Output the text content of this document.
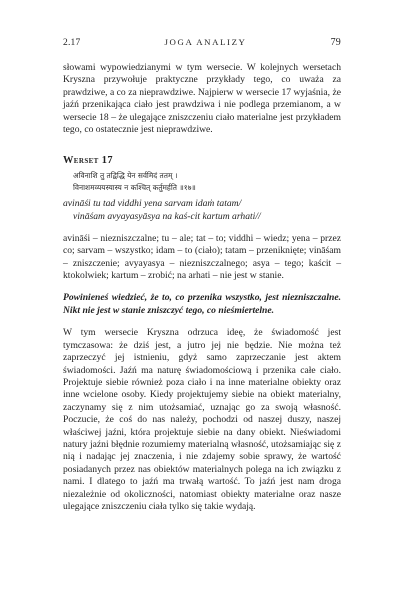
2.17	JOGA ANALIZY	79

słowami wypowiedzianymi w tym wersecie. W kolejnych wersetach Kryszna przywołuje praktyczne przykłady tego, co uważa za prawdziwe, a co za nieprawdziwe. Najpierw w wersecie 17 wyjaśnia, że jaźń przenikająca ciało jest prawdziwa i nie podlega przemianom, a w wersecie 18 – że ulegające zniszczeniu ciało materialne jest przykładem tego, co ostatecznie jest nieprawdziwe.

Werset 17
अविनाशि तु तद्विद्धि येन सर्वमिदं ततम् ।
विनाशमव्ययस्यास्य न कश्चित् कर्तुमर्हति ॥१७॥
avināśi tu tad viddhi yena sarvam idaṁ tatam/
vināśam avyayasyāsya na kaś-cit kartum arhati//

avināśi – niezniszczalne; tu – ale; tat – to; viddhi – wiedz; yena – przez co; sarvam – wszystko; idam – to (ciało); tatam – przeniknięte; vināśam – zniszczenie; avyayasya – niezniszczalnego; asya – tego; kaścit – ktokolwiek; kartum – zrobić; na arhati – nie jest w stanie.

Powinieneś wiedzieć, że to, co przenika wszystko, jest niezniszczalne. Nikt nie jest w stanie zniszczyć tego, co nieśmiertelne.

W tym wersecie Kryszna odrzuca ideę, że świadomość jest tymczasowa: że dziś jest, a jutro jej nie będzie. Nie można też zaprzeczyć jej istnieniu, gdyż samo zaprzeczanie jest aktem świadomości. Jaźń ma naturę świadomościową i przenika całe ciało. Projektuje siebie również poza ciało i na inne materialne obiekty oraz inne wcielone osoby. Kiedy projektujemy siebie na obiekt materialny, zaczynamy się z nim utożsamiać, uznając go za swoją własność. Poczucie, że coś do nas należy, pochodzi od naszej duszy, naszej właściwej jaźni, która projektuje siebie na dany obiekt. Nieświadomi natury jaźni błędnie rozumiemy materialną własność, utożsamiając się z nią i nadając jej znaczenia, i nie zdajemy sobie sprawy, że wartość posiadanych przez nas obiektów materialnych polega na ich związku z nami. I dlatego to jaźń ma trwałą wartość. To jaźń jest nam droga niezależnie od okoliczności, natomiast obiekty materialne oraz nasze ulegające zniszczeniu ciała tylko się takie wydają.
